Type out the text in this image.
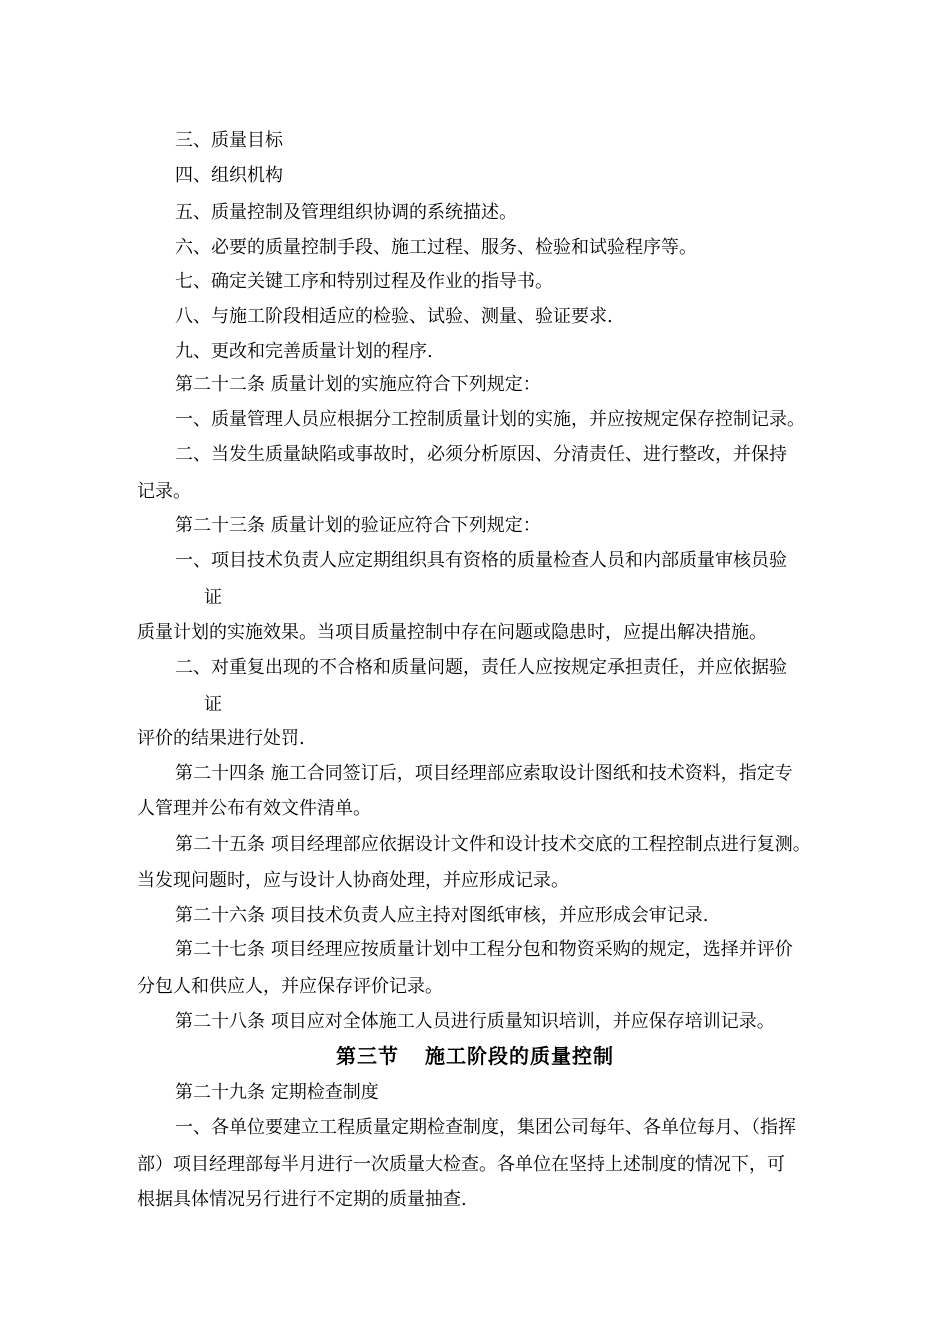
三、质量目标
四、组织机构
五、质量控制及管理组织协调的系统描述。
六、必要的质量控制手段、施工过程、服务、检验和试验程序等。
七、确定关键工序和特别过程及作业的指导书。
八、与施工阶段相适应的检验、试验、测量、验证要求.
九、更改和完善质量计划的程序.
第二十二条 质量计划的实施应符合下列规定：
一、质量管理人员应根据分工控制质量计划的实施，并应按规定保存控制记录。
二、当发生质量缺陷或事故时，必须分析原因、分清责任、进行整改，并保持
记录。
第二十三条 质量计划的验证应符合下列规定：
一、项目技术负责人应定期组织具有资格的质量检查人员和内部质量审核员验
证
质量计划的实施效果。当项目质量控制中存在问题或隐患时，应提出解决措施。
二、对重复出现的不合格和质量问题，责任人应按规定承担责任，并应依据验
证
评价的结果进行处罚.
第二十四条 施工合同签订后，项目经理部应索取设计图纸和技术资料，指定专
人管理并公布有效文件清单。
第二十五条 项目经理部应依据设计文件和设计技术交底的工程控制点进行复测。
当发现问题时，应与设计人协商处理，并应形成记录。
第二十六条 项目技术负责人应主持对图纸审核，并应形成会审记录.
第二十七条 项目经理应按质量计划中工程分包和物资采购的规定，选择并评价
分包人和供应人，并应保存评价记录。
第二十八条 项目应对全体施工人员进行质量知识培训，并应保存培训记录。
第三节 施工阶段的质量控制
第二十九条 定期检查制度
一、各单位要建立工程质量定期检查制度，集团公司每年、各单位每月、（指挥
部）项目经理部每半月进行一次质量大检查。各单位在坚持上述制度的情况下，可
根据具体情况另行进行不定期的质量抽查.
